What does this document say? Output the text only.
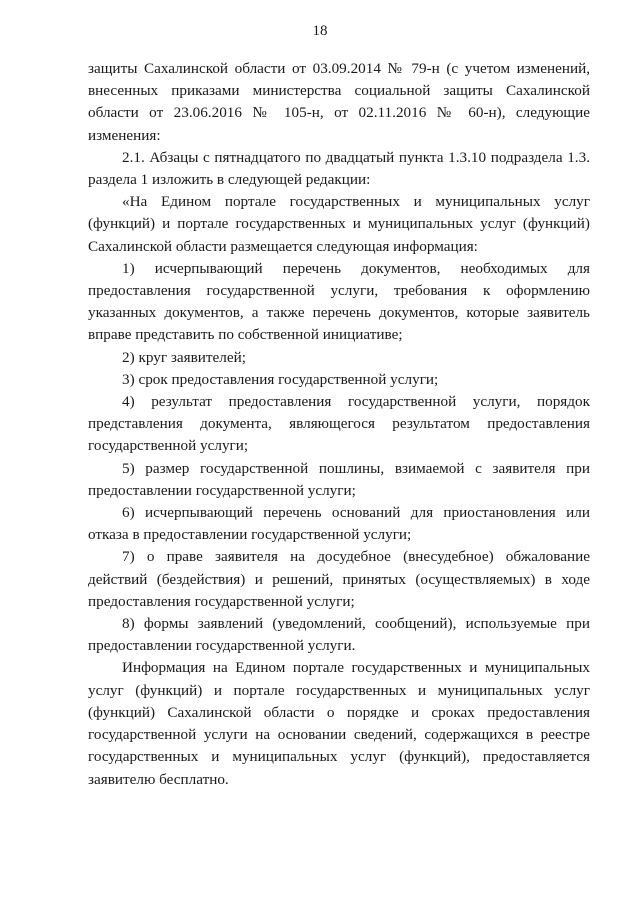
18

защиты Сахалинской области от 03.09.2014 № 79-н (с учетом изменений, внесенных приказами министерства социальной защиты Сахалинской области от 23.06.2016 № 105-н, от 02.11.2016 № 60-н), следующие изменения:

2.1. Абзацы с пятнадцатого по двадцатый пункта 1.3.10 подраздела 1.3. раздела 1 изложить в следующей редакции:

«На Едином портале государственных и муниципальных услуг (функций) и портале государственных и муниципальных услуг (функций) Сахалинской области размещается следующая информация:

1) исчерпывающий перечень документов, необходимых для предоставления государственной услуги, требования к оформлению указанных документов, а также перечень документов, которые заявитель вправе представить по собственной инициативе;

2) круг заявителей;

3) срок предоставления государственной услуги;

4) результат предоставления государственной услуги, порядок представления документа, являющегося результатом предоставления государственной услуги;

5) размер государственной пошлины, взимаемой с заявителя при предоставлении государственной услуги;

6) исчерпывающий перечень оснований для приостановления или отказа в предоставлении государственной услуги;

7) о праве заявителя на досудебное (внесудебное) обжалование действий (бездействия) и решений, принятых (осуществляемых) в ходе предоставления государственной услуги;

8) формы заявлений (уведомлений, сообщений), используемые при предоставлении государственной услуги.

Информация на Едином портале государственных и муниципальных услуг (функций) и портале государственных и муниципальных услуг (функций) Сахалинской области о порядке и сроках предоставления государственной услуги на основании сведений, содержащихся в реестре государственных и муниципальных услуг (функций), предоставляется заявителю бесплатно.
